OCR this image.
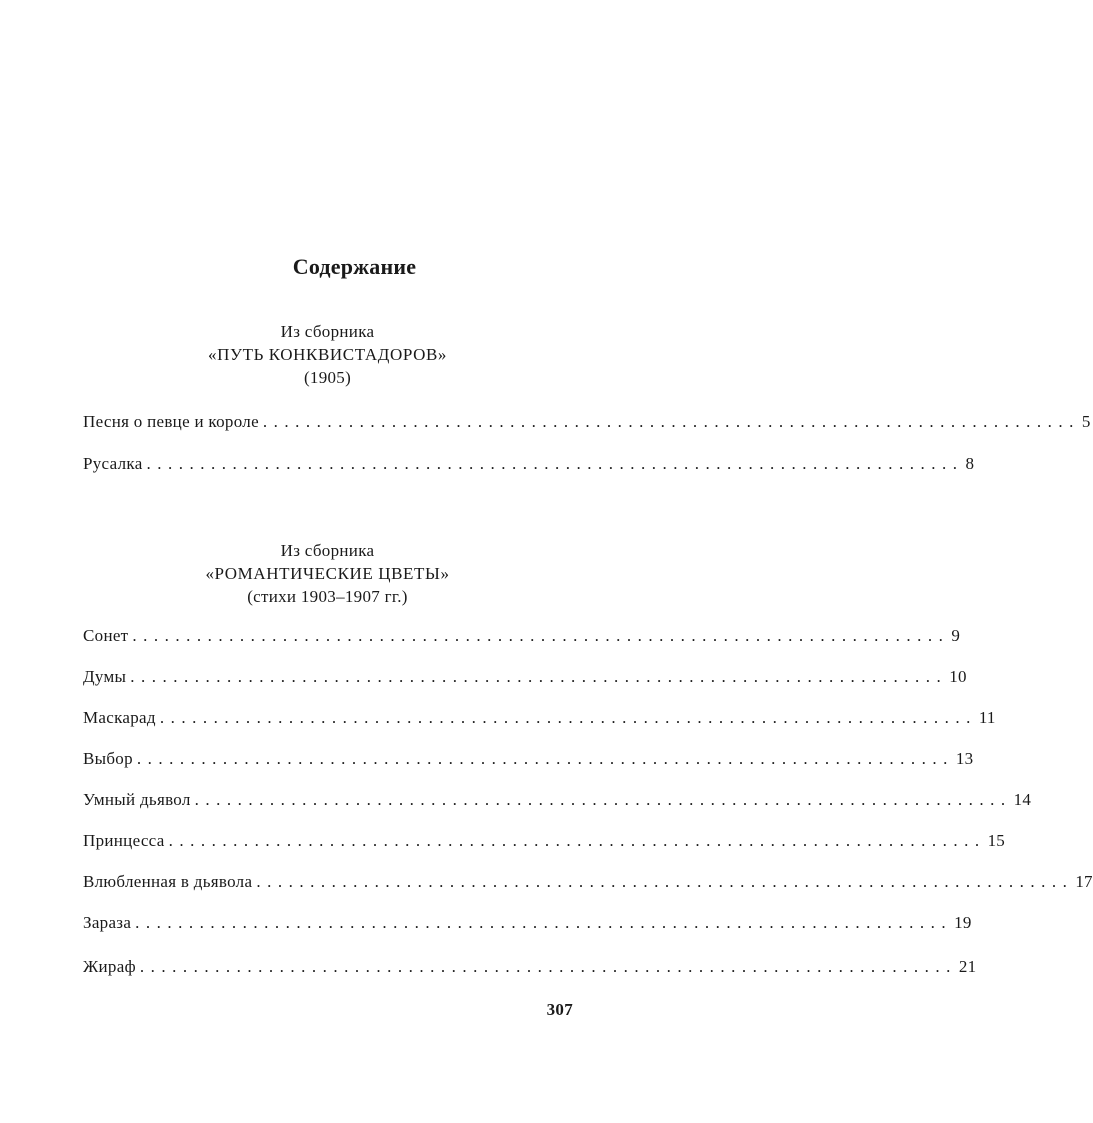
Содержание
Из сборника
«ПУТЬ КОНКВИСТАДОРОВ»
(1905)
Песня о певце и короле ............................................................................ 5
Русалка ............................................................................ 8
Из сборника
«РОМАНТИЧЕСКИЕ ЦВЕТЫ»
(стихи 1903–1907 гг.)
Сонет ............................................................................ 9
Думы ............................................................................ 10
Маскарад ............................................................................ 11
Выбор ............................................................................ 13
Умный дьявол ............................................................................ 14
Принцесса ............................................................................ 15
Влюбленная в дьявола ............................................................................ 17
Зараза ............................................................................ 19
Жираф ............................................................................ 21
307
